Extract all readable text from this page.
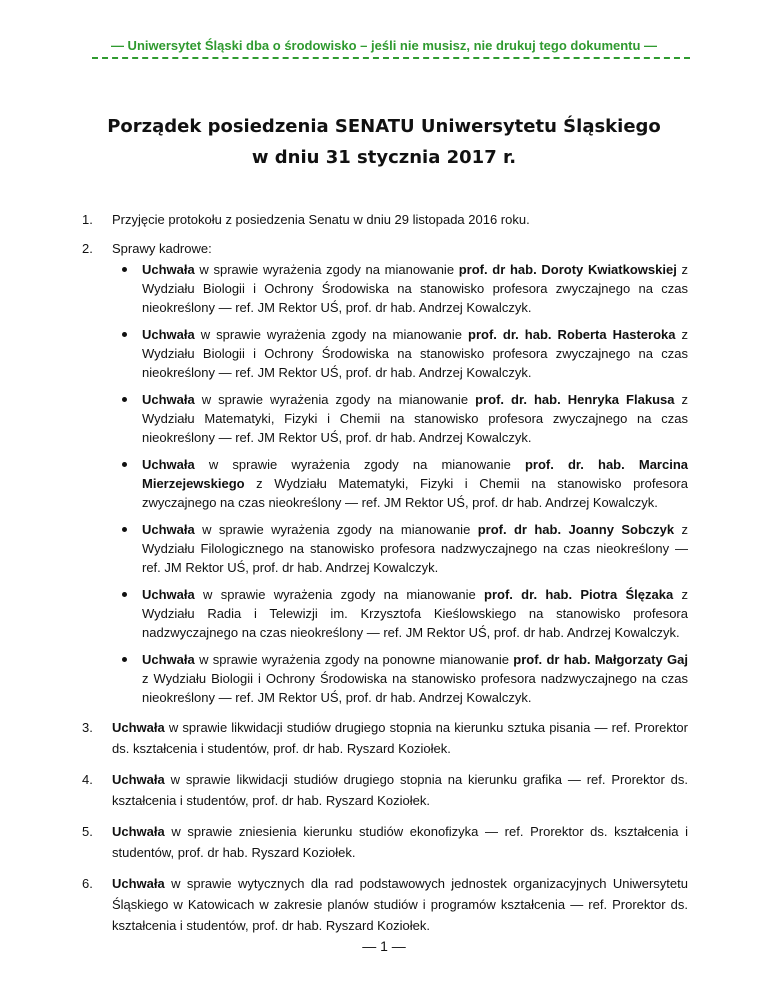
— Uniwersytet Śląski dba o środowisko – jeśli nie musisz, nie drukuj tego dokumentu —
Porządek posiedzenia SENATU Uniwersytetu Śląskiego
w dniu 31 stycznia 2017 r.
1. Przyjęcie protokołu z posiedzenia Senatu w dniu 29 listopada 2016 roku.
2. Sprawy kadrowe:
Uchwała w sprawie wyrażenia zgody na mianowanie prof. dr hab. Doroty Kwiatkowskiej z Wydziału Biologii i Ochrony Środowiska na stanowisko profesora zwyczajnego na czas nieokreślony — ref. JM Rektor UŚ, prof. dr hab. Andrzej Kowalczyk.
Uchwała w sprawie wyrażenia zgody na mianowanie prof. dr. hab. Roberta Hasteroka z Wydziału Biologii i Ochrony Środowiska na stanowisko profesora zwyczajnego na czas nieokreślony — ref. JM Rektor UŚ, prof. dr hab. Andrzej Kowalczyk.
Uchwała w sprawie wyrażenia zgody na mianowanie prof. dr. hab. Henryka Flakusa z Wydziału Matematyki, Fizyki i Chemii na stanowisko profesora zwyczajnego na czas nieokreślony — ref. JM Rektor UŚ, prof. dr hab. Andrzej Kowalczyk.
Uchwała w sprawie wyrażenia zgody na mianowanie prof. dr. hab. Marcina Mierzejewskiego z Wydziału Matematyki, Fizyki i Chemii na stanowisko profesora zwyczajnego na czas nieokreślony — ref. JM Rektor UŚ, prof. dr hab. Andrzej Kowalczyk.
Uchwała w sprawie wyrażenia zgody na mianowanie prof. dr hab. Joanny Sobczyk z Wydziału Filologicznego na stanowisko profesora nadzwyczajnego na czas nieokreślony — ref. JM Rektor UŚ, prof. dr hab. Andrzej Kowalczyk.
Uchwała w sprawie wyrażenia zgody na mianowanie prof. dr. hab. Piotra Ślęzaka z Wydziału Radia i Telewizji im. Krzysztofa Kieślowskiego na stanowisko profesora nadzwyczajnego na czas nieokreślony — ref. JM Rektor UŚ, prof. dr hab. Andrzej Kowalczyk.
Uchwała w sprawie wyrażenia zgody na ponowne mianowanie prof. dr hab. Małgorzaty Gaj z Wydziału Biologii i Ochrony Środowiska na stanowisko profesora nadzwyczajnego na czas nieokreślony — ref. JM Rektor UŚ, prof. dr hab. Andrzej Kowalczyk.
3. Uchwała w sprawie likwidacji studiów drugiego stopnia na kierunku sztuka pisania — ref. Prorektor ds. kształcenia i studentów, prof. dr hab. Ryszard Koziołek.
4. Uchwała w sprawie likwidacji studiów drugiego stopnia na kierunku grafika — ref. Prorektor ds. kształcenia i studentów, prof. dr hab. Ryszard Koziołek.
5. Uchwała w sprawie zniesienia kierunku studiów ekonofizyka — ref. Prorektor ds. kształcenia i studentów, prof. dr hab. Ryszard Koziołek.
6. Uchwała w sprawie wytycznych dla rad podstawowych jednostek organizacyjnych Uniwersytetu Śląskiego w Katowicach w zakresie planów studiów i programów kształcenia — ref. Prorektor ds. kształcenia i studentów, prof. dr hab. Ryszard Koziołek.
— 1 —
